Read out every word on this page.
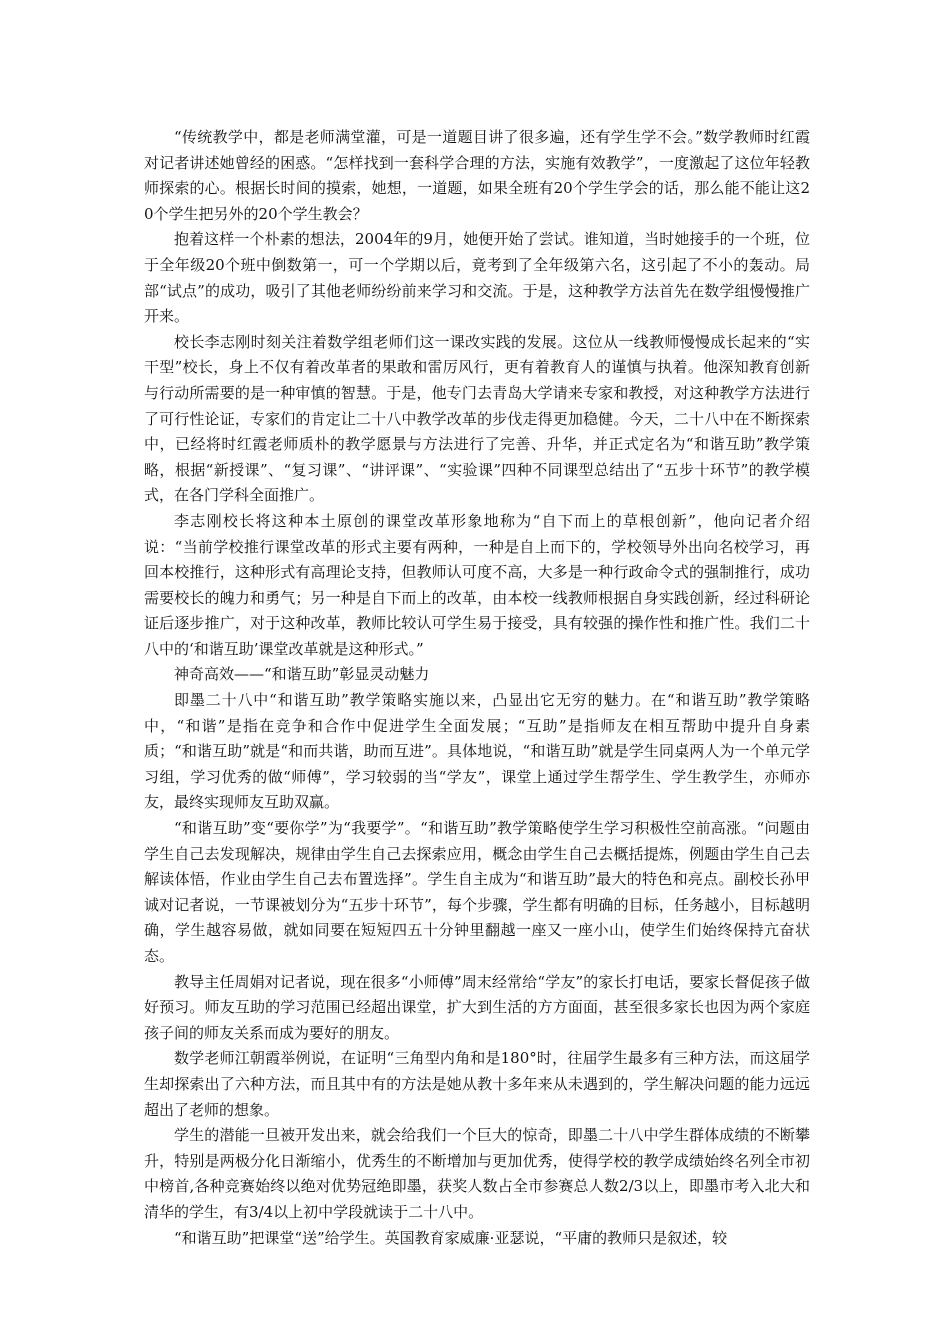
“传统教学中，都是老师满堂灌，可是一道题目讲了很多遍，还有学生学不会。”数学教师时红霞对记者讲述她曾经的困惑。“怎样找到一套科学合理的方法，实施有效教学”，一度激起了这位年轻教师探索的心。根据长时间的摸索，她想，一道题，如果全班有20个学生学会的话，那么能不能让这20个学生把另外的20个学生教会？

抱着这样一个朴素的想法，2004年的9月，她便开始了尝试。谁知道，当时她接手的一个班，位于全年级20个班中倒数第一，可一个学期以后，竟考到了全年级第六名，这引起了不小的轰动。局部“试点”的成功，吸引了其他老师纷纷前来学习和交流。于是，这种教学方法首先在数学组慢慢推广开来。

校长李志刚时刻关注着数学组老师们这一课改实践的发展。这位从一线教师慢慢成长起来的“实干型”校长，身上不仅有着改革者的果敢和雷厉风行，更有着教育人的谨慎与执着。他深知教育创新与行动所需要的是一种审慎的智慧。于是，他专门去青岛大学请来专家和教授，对这种教学方法进行了可行性论证，专家们的肯定让二十八中教学改革的步伐走得更加稳健。今天，二十八中在不断探索中，已经将时红霞老师质朴的教学愿景与方法进行了完善、升华，并正式定名为“和谐互助”教学策略，根据“新授课”、“复习课”、“讲评课”、“实验课”四种不同课型总结出了“五步十环节”的教学模式，在各门学科全面推广。

李志刚校长将这种本土原创的课堂改革形象地称为“自下而上的草根创新”，他向记者介绍说：“当前学校推行课堂改革的形式主要有两种，一种是自上而下的，学校领导外出向名校学习，再回本校推行，这种形式有高理论支持，但教师认可度不高，大多是一种行政命令式的强制推行，成功需要校长的魄力和勇气；另一种是自下而上的改革，由本校一线教师根据自身实践创新，经过科研论证后逐步推广，对于这种改革，教师比较认可学生易于接受，具有较强的操作性和推广性。我们二十八中的‘和谐互助’课堂改革就是这种形式。”

神奇高效——“和谐互助”彰显灵动魅力

即墨二十八中“和谐互助”教学策略实施以来，凸显出它无穷的魅力。在“和谐互助”教学策略中，“和谐”是指在竞争和合作中促进学生全面发展；“互助”是指师友在相互帮助中提升自身素质；“和谐互助”就是“和而共谐，助而互进”。具体地说，“和谐互助”就是学生同桌两人为一个单元学习组，学习优秀的做“师傅”，学习较弱的当“学友”，课堂上通过学生帮学生、学生教学生，亦师亦友，最终实现师友互助双赢。

“和谐互助”变“要你学”为“我要学”。“和谐互助”教学策略使学生学习积极性空前高涨。“问题由学生自己去发现解决，规律由学生自己去探索应用，概念由学生自己去概括提炼，例题由学生自己去解读体悟，作业由学生自己去布置选择”。学生自主成为“和谐互助”最大的特色和亮点。副校长孙甲诚对记者说，一节课被划分为“五步十环节”，每个步骤，学生都有明确的目标，任务越小，目标越明确，学生越容易做，就如同要在短短四五十分钟里翻越一座又一座小山，使学生们始终保持亢奋状态。

教导主任周娟对记者说，现在很多“小师傅”周末经常给“学友”的家长打电话，要家长督促孩子做好预习。师友互助的学习范围已经超出课堂，扩大到生活的方方面面，甚至很多家长也因为两个家庭孩子间的师友关系而成为要好的朋友。

数学老师江朝霞举例说，在证明“三角型内角和是180°时，往届学生最多有三种方法，而这届学生却探索出了六种方法，而且其中有的方法是她从教十多年来从未遇到的，学生解决问题的能力远远超出了老师的想象。

学生的潜能一旦被开发出来，就会给我们一个巨大的惊奇，即墨二十八中学生群体成绩的不断攀升，特别是两极分化日渐缩小，优秀生的不断增加与更加优秀，使得学校的教学成绩始终名列全市初中榜首,各种竞赛始终以绝对优势冠绝即墨，获奖人数占全市参赛总人数2/3以上，即墨市考入北大和清华的学生，有3/4以上初中学段就读于二十八中。

“和谐互助”把课堂“送”给学生。英国教育家威廉·亚瑟说，“平庸的教师只是叙述，较
